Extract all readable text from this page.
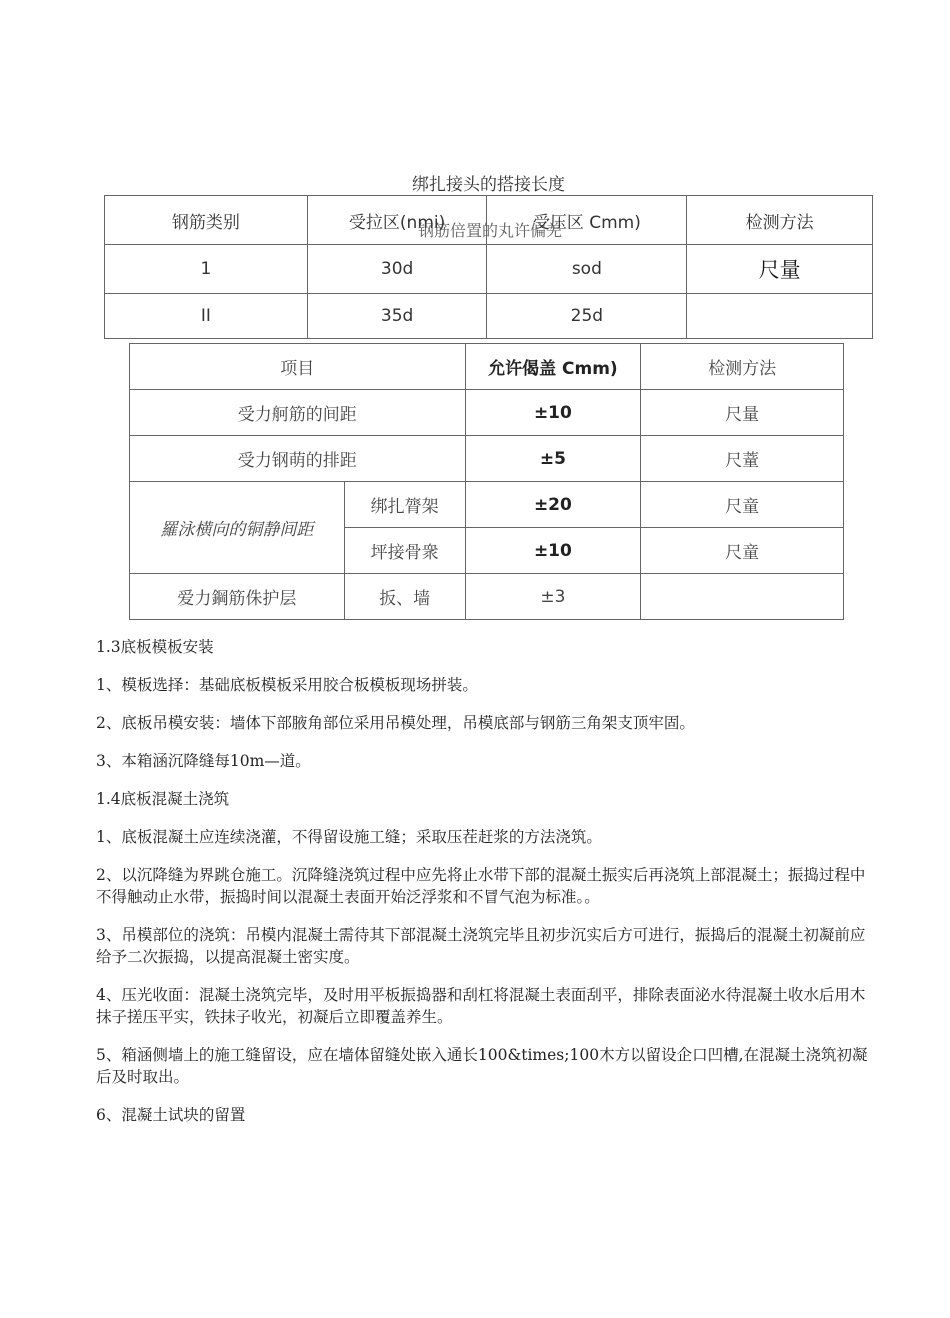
绑扎接头的搭接长度
钢筋类别	受拉区(nmi)	受压区 Cmm)	检测方法
1	30d	sod	尺量
II	35d	25d	
钢筋倍置的丸许偏羌
项目		允许偈盖 Cmm)	检测方法
受力舸筋的间距		±10	尺量
受力钢萌的排距		±5	尺蕫
羅泳横向的铜静间距	绑扎膂架	±20	尺童
	坪接骨衆	±10	尺童
爱力鋼筋侏护层	扳、墙	±3	

1.3底板模板安装

1、模板选择：基础底板模板采用胶合板模板现场拼装。

2、底板吊模安装：墙体下部腋角部位采用吊模处理，吊模底部与钢筋三角架支顶牢固。

3、本箱涵沉降缝每10m—道。

1.4底板混凝土浇筑

1、底板混凝土应连续浇灌，不得留设施工缝；采取压茬赶浆的方法浇筑。

2、以沉降缝为界跳仓施工。沉降缝浇筑过程中应先将止水带下部的混凝土振实后再浇筑上部混凝土；振捣过程中不得触动止水带，振捣时间以混凝土表面开始泛浮浆和不冒气泡为标准。。

3、吊模部位的浇筑：吊模内混凝土需待其下部混凝土浇筑完毕且初步沉实后方可进行，振捣后的混凝土初凝前应给予二次振捣，以提高混凝土密实度。

4、压光收面：混凝土浇筑完毕，及时用平板振捣器和刮杠将混凝土表面刮平，排除表面泌水待混凝土收水后用木抹子搓压平实，铁抹子收光，初凝后立即覆盖养生。

5、箱涵侧墙上的施工缝留设，应在墙体留缝处嵌入通长100&times;100木方以留设企口凹槽,在混凝土浇筑初凝后及时取出。

6、混凝土试块的留置
